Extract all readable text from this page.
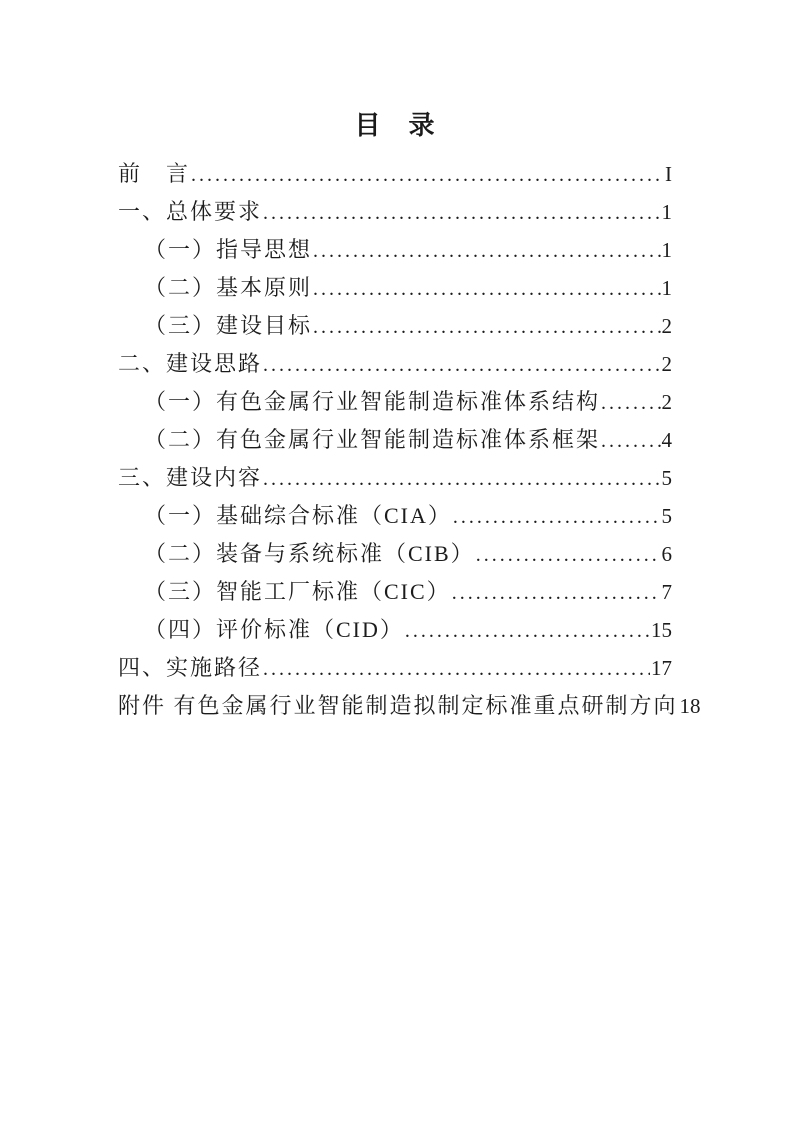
目　录
前　言 .....	I
一、总体要求 .....	1
（一）指导思想 .....	1
（二）基本原则 .....	1
（三）建设目标 .....	2
二、建设思路 .....	2
（一）有色金属行业智能制造标准体系结构 .....	2
（二）有色金属行业智能制造标准体系框架 .....	4
三、建设内容 .....	5
（一）基础综合标准（CIA） .....	5
（二）装备与系统标准（CIB） .....	6
（三）智能工厂标准（CIC） .....	7
（四）评价标准（CID） .....	15
四、实施路径 .....	17
附件 有色金属行业智能制造拟制定标准重点研制方向 18
